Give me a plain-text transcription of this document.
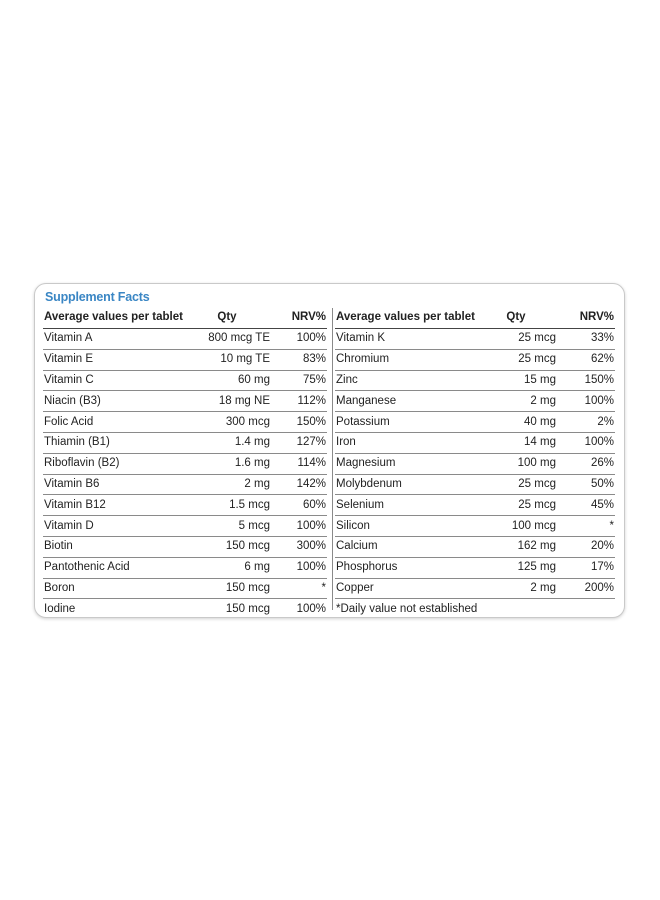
Supplement Facts
Average values per tablet	Qty	NRV%
Vitamin A	800 mcg TE	100%
Vitamin E	10 mg TE	83%
Vitamin C	60 mg	75%
Niacin (B3)	18 mg NE	112%
Folic Acid	300 mcg	150%
Thiamin (B1)	1.4 mg	127%
Riboflavin (B2)	1.6 mg	114%
Vitamin B6	2 mg	142%
Vitamin B12	1.5 mcg	60%
Vitamin D	5 mcg	100%
Biotin	150 mcg	300%
Pantothenic Acid	6 mg	100%
Boron	150 mcg	*
Iodine	150 mcg	100%
Average values per tablet	Qty	NRV%
Vitamin K	25 mcg	33%
Chromium	25 mcg	62%
Zinc	15 mg	150%
Manganese	2 mg	100%
Potassium	40 mg	2%
Iron	14 mg	100%
Magnesium	100 mg	26%
Molybdenum	25 mcg	50%
Selenium	25 mcg	45%
Silicon	100 mcg	*
Calcium	162 mg	20%
Phosphorus	125 mg	17%
Copper	2 mg	200%
*Daily value not established		
